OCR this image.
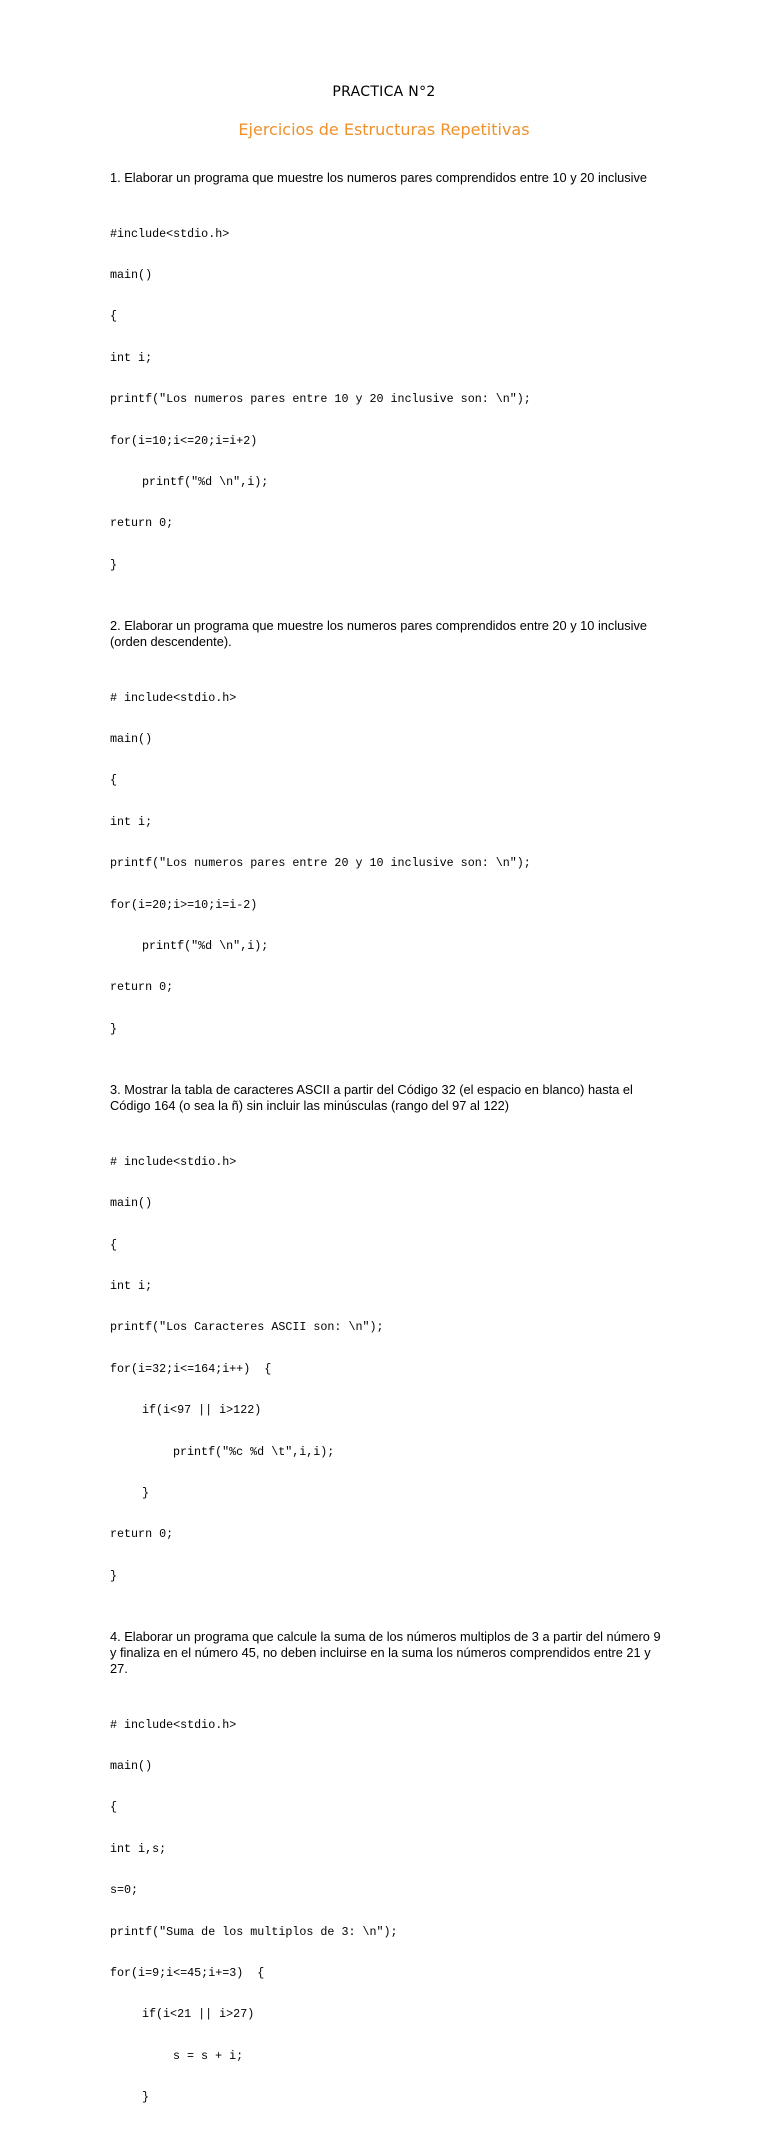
PRACTICA N°2
Ejercicios de Estructuras Repetitivas

1. Elaborar un programa que muestre los numeros pares comprendidos entre 10 y 20 inclusive

#include<stdio.h>

main()

{

int i;

printf("Los numeros pares entre 10 y 20 inclusive son: \n");

for(i=10;i<=20;i=i+2)

printf("%d \n",i);

return 0;

}

2. Elaborar un programa que muestre los numeros pares comprendidos entre 20 y 10 inclusive (orden descendente).

# include<stdio.h>

main()

{

int i;

printf("Los numeros pares entre 20 y 10 inclusive son: \n");

for(i=20;i>=10;i=i-2)

printf("%d \n",i);

return 0;

}

3. Mostrar la tabla de caracteres ASCII a partir del Código 32 (el espacio en blanco) hasta el Código 164 (o sea la ñ) sin incluir las minúsculas (rango del 97 al 122)

# include<stdio.h>

main()

{

int i;

printf("Los Caracteres ASCII son: \n");

for(i=32;i<=164;i++)  {

if(i<97 || i>122)

printf("%c %d \t",i,i);

}

return 0;

}

4. Elaborar un programa que calcule la suma de los números multiplos de 3 a partir del número 9 y finaliza en el número 45, no deben incluirse en la suma los números comprendidos entre 21 y 27.

# include<stdio.h>

main()

{

int i,s;

s=0;

printf("Suma de los multiplos de 3: \n");

for(i=9;i<=45;i+=3)  {

if(i<21 || i>27)

s = s + i;

}
